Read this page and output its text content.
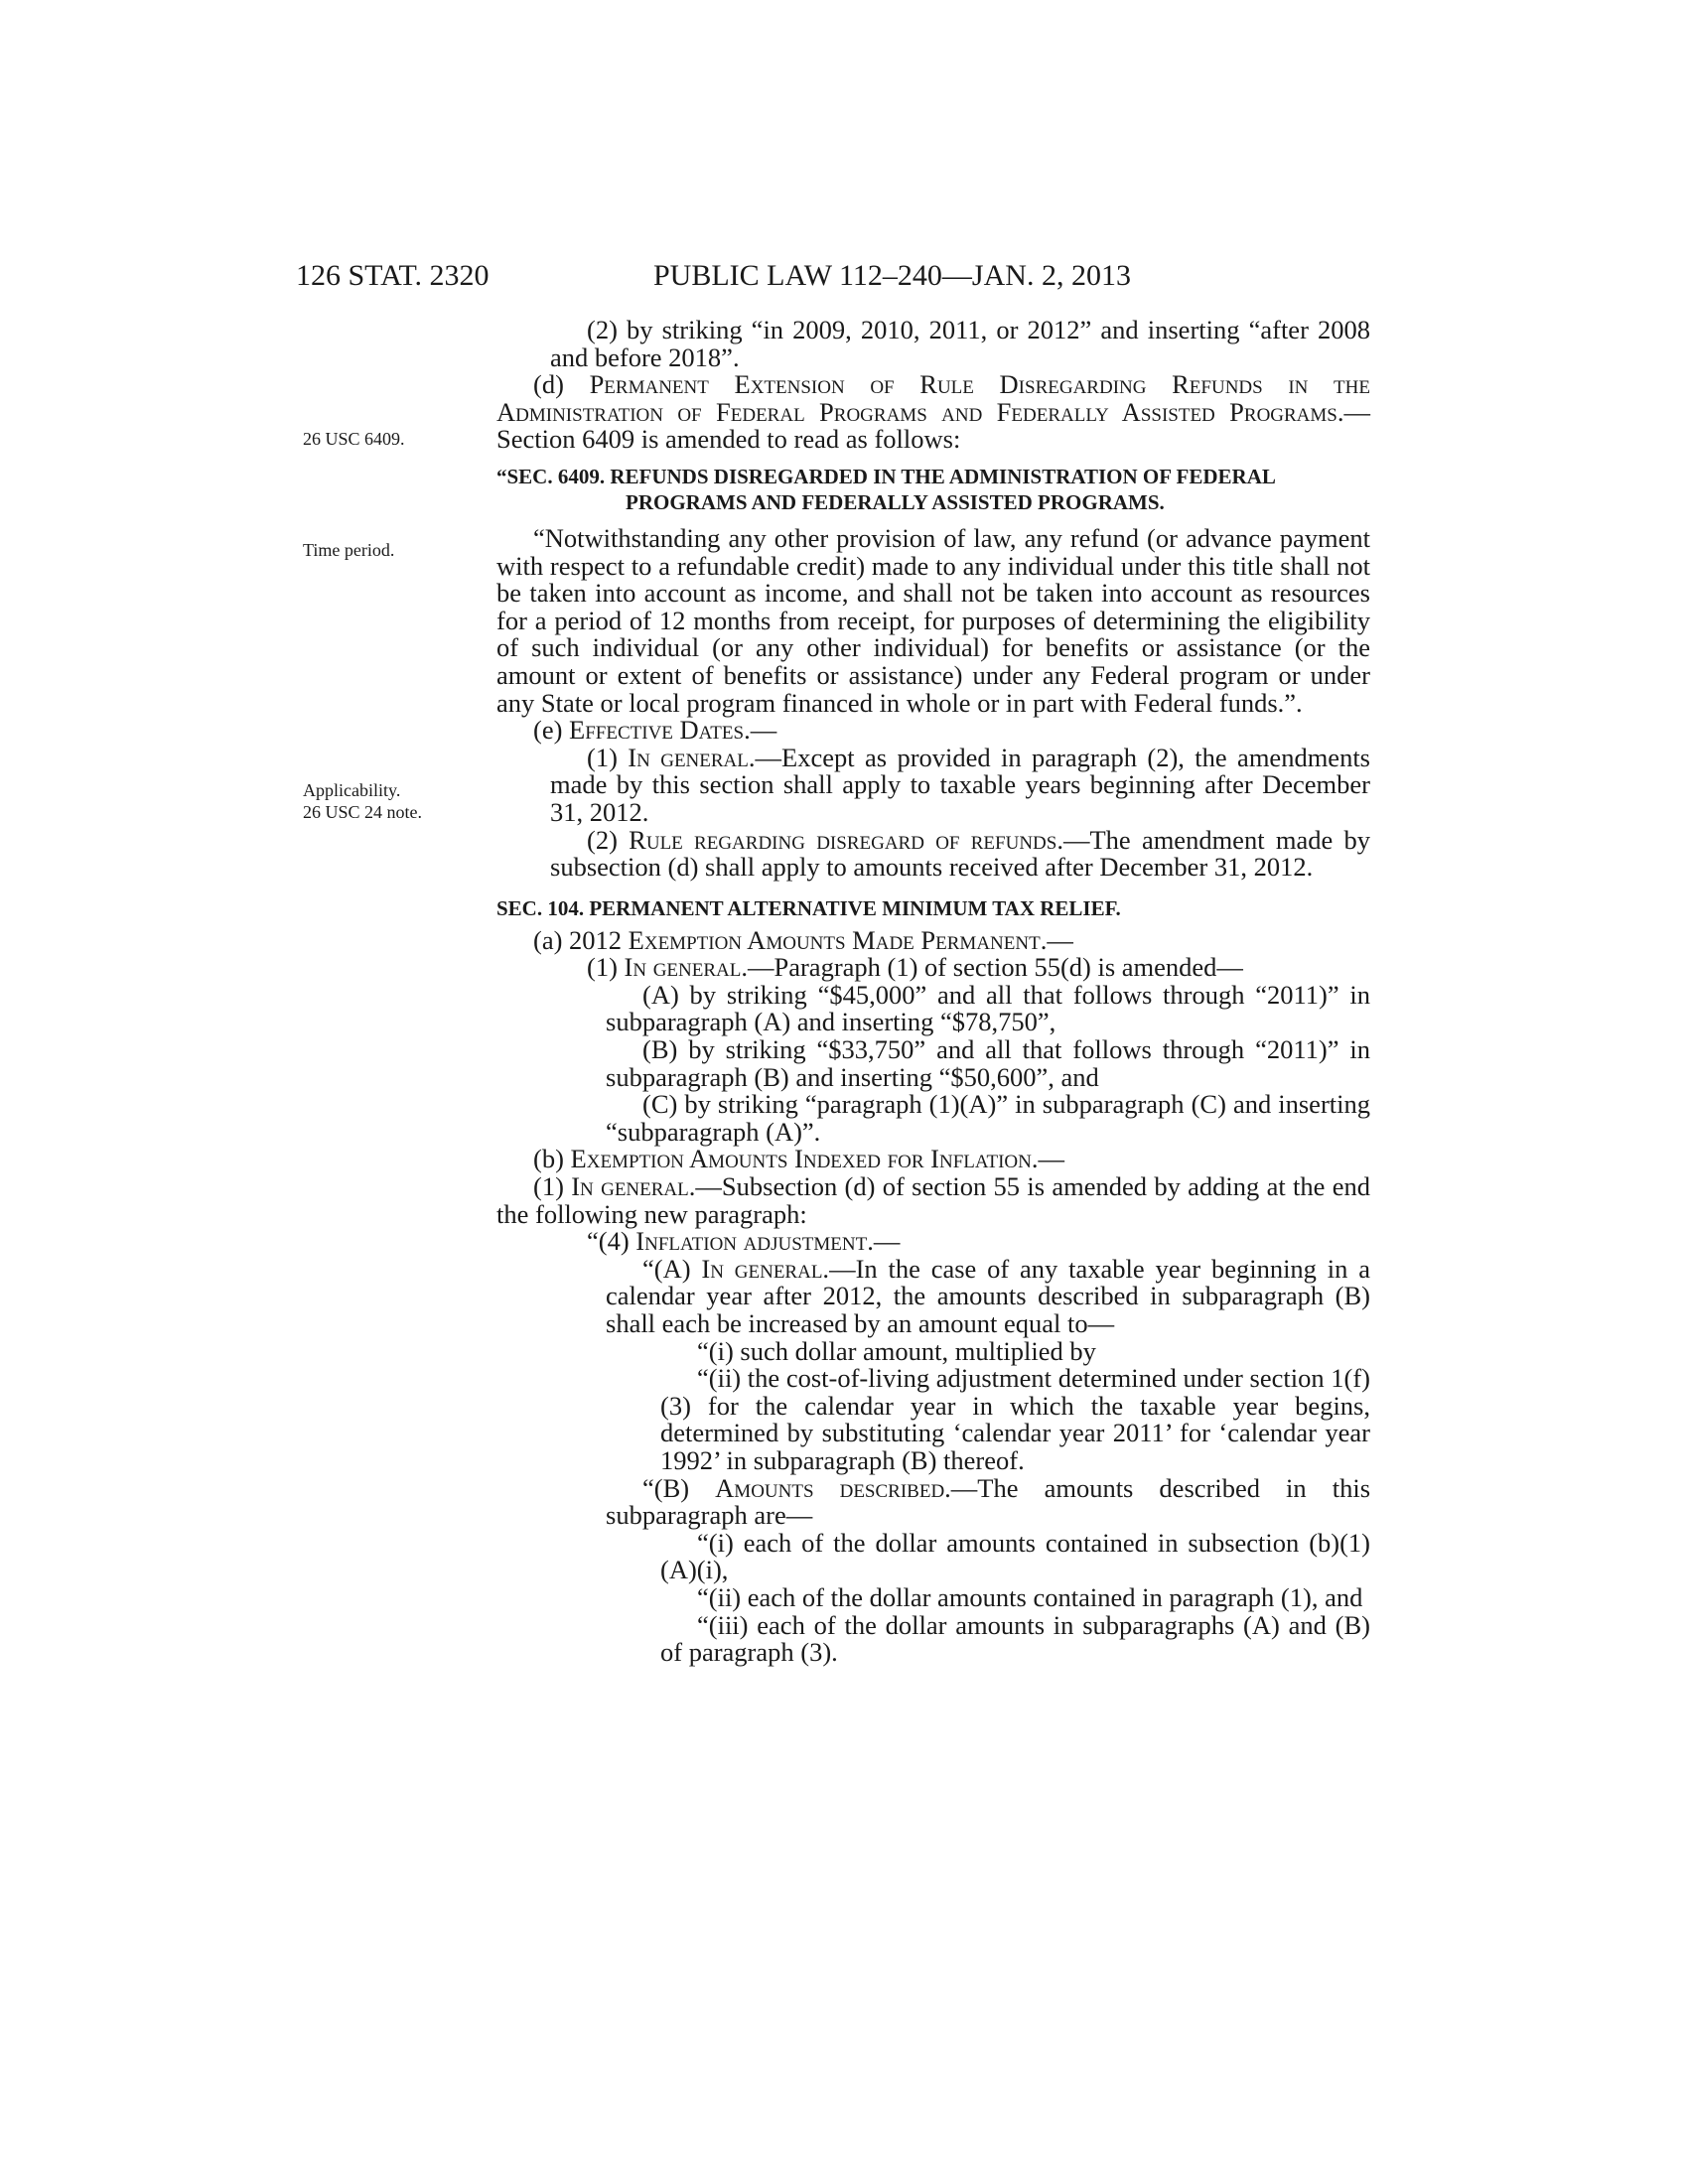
126 STAT. 2320	PUBLIC LAW 112–240—JAN. 2, 2013
26 USC 6409.
Time period.
Applicability.
26 USC 24 note.

(2) by striking “in 2009, 2010, 2011, or 2012” and inserting “after 2008 and before 2018”.

(d) Permanent Extension of Rule Disregarding Refunds in the Administration of Federal Programs and Federally Assisted Programs.—Section 6409 is amended to read as follows:

“SEC. 6409. REFUNDS DISREGARDED IN THE ADMINISTRATION OF FEDERAL PROGRAMS AND FEDERALLY ASSISTED PROGRAMS.

“Notwithstanding any other provision of law, any refund (or advance payment with respect to a refundable credit) made to any individual under this title shall not be taken into account as income, and shall not be taken into account as resources for a period of 12 months from receipt, for purposes of determining the eligibility of such individual (or any other individual) for benefits or assistance (or the amount or extent of benefits or assistance) under any Federal program or under any State or local program financed in whole or in part with Federal funds.”.

(e) Effective Dates.—

(1) In general.—Except as provided in paragraph (2), the amendments made by this section shall apply to taxable years beginning after December 31, 2012.

(2) Rule regarding disregard of refunds.—The amendment made by subsection (d) shall apply to amounts received after December 31, 2012.

SEC. 104. PERMANENT ALTERNATIVE MINIMUM TAX RELIEF.

(a) 2012 Exemption Amounts Made Permanent.—

(1) In general.—Paragraph (1) of section 55(d) is amended—

(A) by striking “$45,000” and all that follows through “2011)” in subparagraph (A) and inserting “$78,750”,

(B) by striking “$33,750” and all that follows through “2011)” in subparagraph (B) and inserting “$50,600”, and

(C) by striking “paragraph (1)(A)” in subparagraph (C) and inserting “subparagraph (A)”.

(b) Exemption Amounts Indexed for Inflation.—

(1) In general.—Subsection (d) of section 55 is amended by adding at the end the following new paragraph:

“(4) Inflation adjustment.—

“(A) In general.—In the case of any taxable year beginning in a calendar year after 2012, the amounts described in subparagraph (B) shall each be increased by an amount equal to—

“(i) such dollar amount, multiplied by

“(ii) the cost-of-living adjustment determined under section 1(f)(3) for the calendar year in which the taxable year begins, determined by substituting ‘calendar year 2011’ for ‘calendar year 1992’ in subparagraph (B) thereof.

“(B) Amounts described.—The amounts described in this subparagraph are—

“(i) each of the dollar amounts contained in subsection (b)(1)(A)(i),

“(ii) each of the dollar amounts contained in paragraph (1), and

“(iii) each of the dollar amounts in subparagraphs (A) and (B) of paragraph (3).
